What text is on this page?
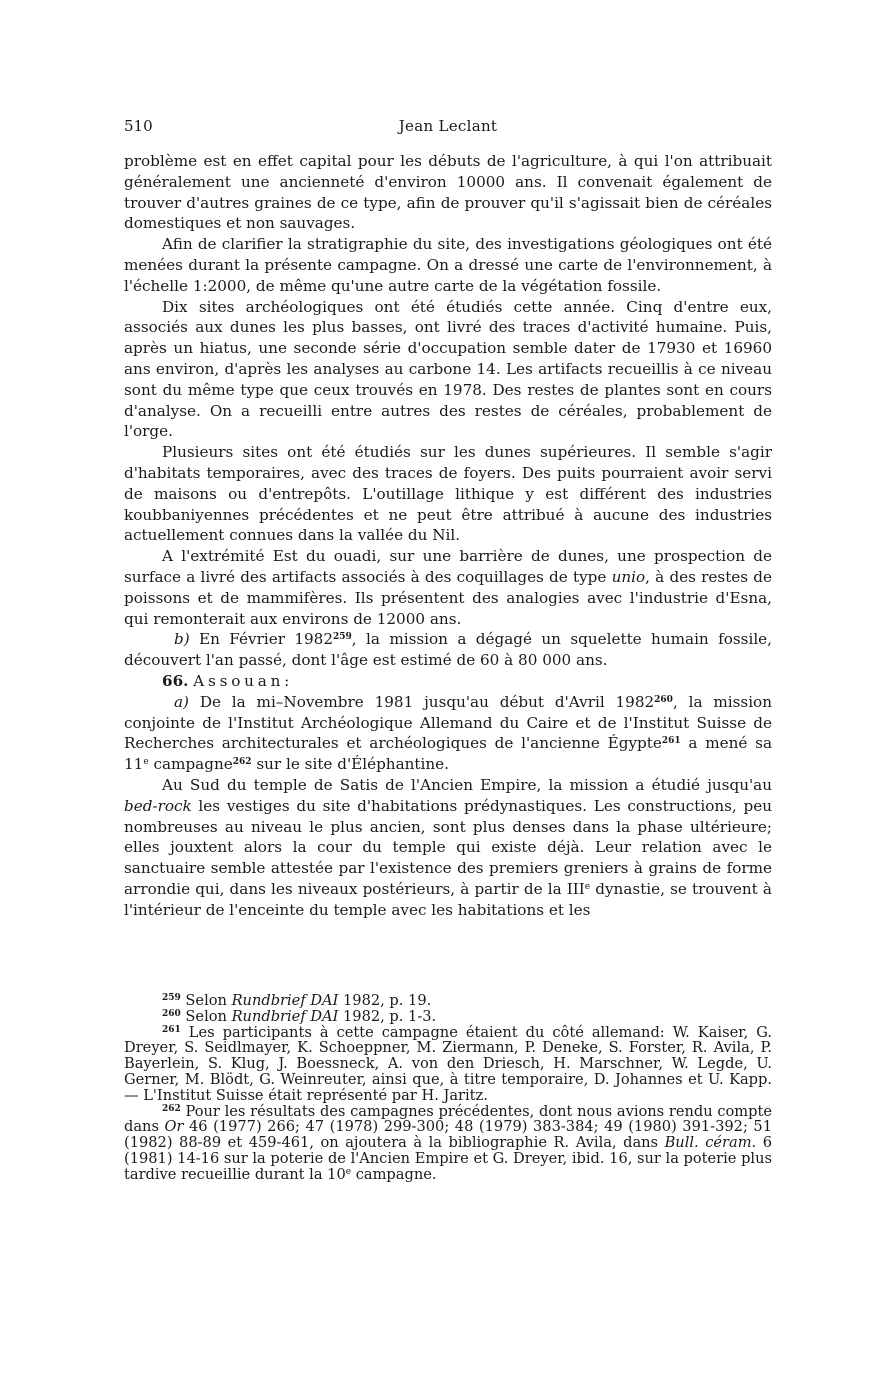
510	Jean Leclant

problème est en effet capital pour les débuts de l'agriculture, à qui l'on attribuait généralement une ancienneté d'environ 10000 ans. Il convenait également de trouver d'autres graines de ce type, afin de prouver qu'il s'agissait bien de céréales domestiques et non sauvages.

Afin de clarifier la stratigraphie du site, des investigations géologiques ont été menées durant la présente campagne. On a dressé une carte de l'environnement, à l'échelle 1:2000, de même qu'une autre carte de la végétation fossile.

Dix sites archéologiques ont été étudiés cette année. Cinq d'entre eux, associés aux dunes les plus basses, ont livré des traces d'activité humaine. Puis, après un hiatus, une seconde série d'occupation semble dater de 17930 et 16960 ans environ, d'après les analyses au carbone 14. Les artifacts recueillis à ce niveau sont du même type que ceux trouvés en 1978. Des restes de plantes sont en cours d'analyse. On a recueilli entre autres des restes de céréales, probablement de l'orge.

Plusieurs sites ont été étudiés sur les dunes supérieures. Il semble s'agir d'habitats temporaires, avec des traces de foyers. Des puits pourraient avoir servi de maisons ou d'entrepôts. L'outillage lithique y est différent des industries koubbaniyennes précédentes et ne peut être attribué à aucune des industries actuellement connues dans la vallée du Nil.

A l'extrémité Est du ouadi, sur une barrière de dunes, une prospection de surface a livré des artifacts associés à des coquillages de type unio, à des restes de poissons et de mammifères. Ils présentent des analogies avec l'industrie d'Esna, qui remonterait aux environs de 12000 ans.

b) En Février 1982$^{259}$, la mission a dégagé un squelette humain fossile, découvert l'an passé, dont l'âge est estimé de 60 à 80 000 ans.

66. Assouan:

a) De la mi–Novembre 1981 jusqu'au début d'Avril 1982$^{260}$, la mission conjointe de l'Institut Archéologique Allemand du Caire et de l'Institut Suisse de Recherches architecturales et archéologiques de l'ancienne Égypte$^{261}$ a mené sa 11e campagne$^{262}$ sur le site d'Éléphantine.

Au Sud du temple de Satis de l'Ancien Empire, la mission a étudié jusqu'au bed-rock les vestiges du site d'habitations prédynastiques. Les constructions, peu nombreuses au niveau le plus ancien, sont plus denses dans la phase ultérieure; elles jouxtent alors la cour du temple qui existe déjà. Leur relation avec le sanctuaire semble attestée par l'existence des premiers greniers à grains de forme arrondie qui, dans les niveaux postérieurs, à partir de la IIIe dynastie, se trouvent à l'intérieur de l'enceinte du temple avec les habitations et les

$^{259}$ Selon Rundbrief DAI 1982, p. 19.

$^{260}$ Selon Rundbrief DAI 1982, p. 1-3.

$^{261}$ Les participants à cette campagne étaient du côté allemand: W. Kaiser, G. Dreyer, S. Seidlmayer, K. Schoeppner, M. Ziermann, P. Deneke, S. Forster, R. Avila, P. Bayerlein, S. Klug, J. Boessneck, A. von den Driesch, H. Marschner, W. Legde, U. Gerner, M. Blödt, G. Weinreuter, ainsi que, à titre temporaire, D. Johannes et U. Kapp. — L'Institut Suisse était représenté par H. Jaritz.

$^{262}$ Pour les résultats des campagnes précédentes, dont nous avions rendu compte dans Or 46 (1977) 266; 47 (1978) 299-300; 48 (1979) 383-384; 49 (1980) 391-392; 51 (1982) 88-89 et 459-461, on ajoutera à la bibliographie R. Avila, dans Bull. céram. 6 (1981) 14-16 sur la poterie de l'Ancien Empire et G. Dreyer, ibid. 16, sur la poterie plus tardive recueillie durant la 10e campagne.
